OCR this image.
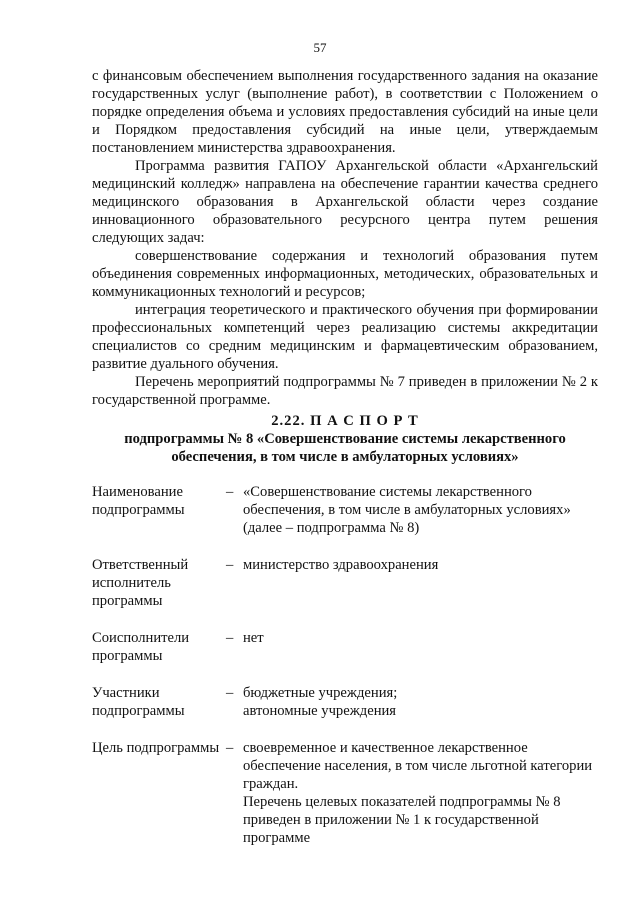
57

с финансовым обеспечением выполнения государственного задания на оказание государственных услуг (выполнение работ), в соответствии с Положением о порядке определения объема и условиях предоставления субсидий на иные цели и Порядком предоставления субсидий на иные цели, утверждаемым постановлением министерства здравоохранения.

Программа развития ГАПОУ Архангельской области «Архангельский медицинский колледж» направлена на обеспечение гарантии качества среднего медицинского образования в Архангельской области через создание инновационного образовательного ресурсного центра путем решения следующих задач:

совершенствование содержания и технологий образования путем объединения современных информационных, методических, образовательных и коммуникационных технологий и ресурсов;

интеграция теоретического и практического обучения при формировании профессиональных компетенций через реализацию системы аккредитации специалистов со средним медицинским и фармацевтическим образованием, развитие дуального обучения.

Перечень мероприятий подпрограммы № 7 приведен в приложении № 2 к государственной программе.

2.22. П А С П О Р Т
подпрограммы № 8 «Совершенствование системы лекарственного
обеспечения, в том числе в амбулаторных условиях»
Наименование подпрограммы
– «Совершенствование системы лекарственного обеспечения, в том числе в амбулаторных условиях» (далее – подпрограмма № 8)
Ответственный исполнитель программы
– министерство здравоохранения
Соисполнители программы
– нет
Участники подпрограммы
– бюджетные учреждения;
автономные учреждения
Цель подпрограммы – своевременное и качественное лекарственное обеспечение населения, в том числе льготной категории граждан.
Перечень целевых показателей подпрограммы № 8 приведен в приложении № 1 к государственной программе
